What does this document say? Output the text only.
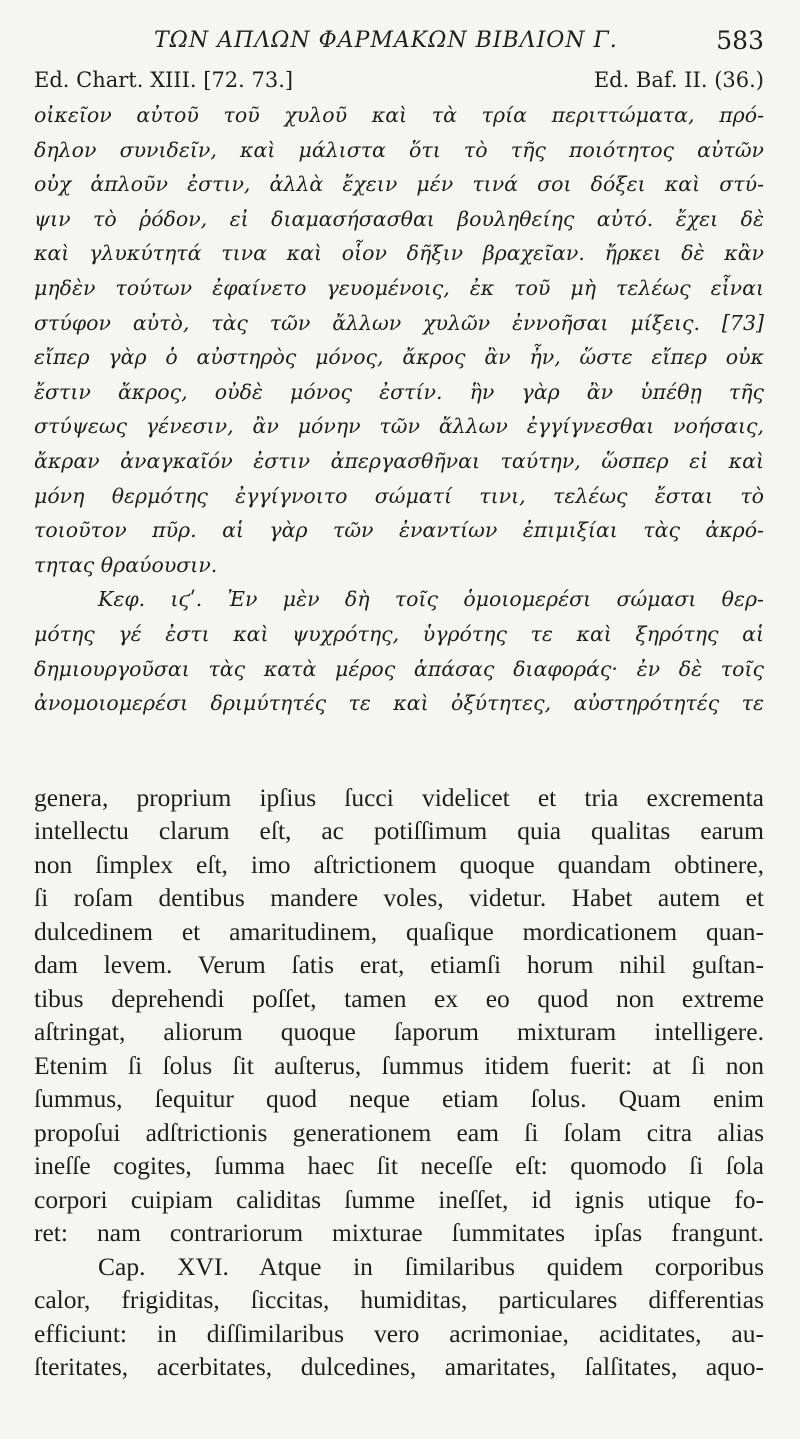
ΤΩΝ ΑΠΛΩΝ ΦΑΡΜΑΚΩΝ ΒΙΒΛΙΟΝ Γ.	583
Ed. Chart. XIII. [72. 73.]	Ed. Baf. II. (36.)
οἰκεῖον αὐτοῦ τοῦ χυλοῦ καὶ τὰ τρία περιττώματα, πρό-
δηλον συνιδεῖν, καὶ μάλιστα ὅτι τὸ τῆς ποιότητος αὐτῶν
οὐχ ἁπλοῦν ἐστιν, ἀλλὰ ἔχειν μέν τινά σοι δόξει καὶ στύ-
ψιν τὸ ῥόδον, εἰ διαμασήσασθαι βουληθείης αὐτό. ἔχει δὲ
καὶ γλυκύτητά τινα καὶ οἷον δῆξιν βραχεῖαν. ἤρκει δὲ κἂν
μηδὲν τούτων ἐφαίνετο γευομένοις, ἐκ τοῦ μὴ τελέως εἶναι
στύφον αὐτὸ, τὰς τῶν ἄλλων χυλῶν ἐννοῆσαι μίξεις. [73]
εἴπερ γὰρ ὁ αὐστηρὸς μόνος, ἄκρος ἂν ἦν, ὥστε εἴπερ οὐκ
ἔστιν ἄκρος, οὐδὲ μόνος ἐστίν. ἣν γὰρ ἂν ὑπέθῃ τῆς
στύψεως γένεσιν, ἂν μόνην τῶν ἄλλων ἐγγίγνεσθαι νοήσαις,
ἄκραν ἀναγκαῖόν ἐστιν ἀπεργασθῆναι ταύτην, ὥσπερ εἰ καὶ
μόνη θερμότης ἐγγίγνοιτο σώματί τινι, τελέως ἔσται τὸ
τοιοῦτον πῦρ. αἱ γὰρ τῶν ἐναντίων ἐπιμιξίαι τὰς ἀκρό-
τητας θραύουσιν.
Κεφ. ιϛʹ. Ἐν μὲν δὴ τοῖς ὁμοιομερέσι σώμασι θερ-
μότης γέ ἐστι καὶ ψυχρότης, ὑγρότης τε καὶ ξηρότης αἱ
δημιουργοῦσαι τὰς κατὰ μέρος ἁπάσας διαφοράς· ἐν δὲ τοῖς
ἀνομοιομερέσι δριμύτητές τε καὶ ὀξύτητες, αὐστηρότητές τε
genera, proprium ipſius ſucci videlicet et tria excrementa
intellectu clarum eſt, ac potiſſimum quia qualitas earum
non ſimplex eſt, imo aſtrictionem quoque quandam obtinere,
ſi roſam dentibus mandere voles, videtur. Habet autem et
dulcedinem et amaritudinem, quaſique mordicationem quan-
dam levem. Verum ſatis erat, etiamſi horum nihil guſtan-
tibus deprehendi poſſet, tamen ex eo quod non extreme
aſtringat, aliorum quoque ſaporum mixturam intelligere.
Etenim ſi ſolus ſit auſterus, ſummus itidem fuerit: at ſi non
ſummus, ſequitur quod neque etiam ſolus. Quam enim
propoſui adſtrictionis generationem eam ſi ſolam citra alias
ineſſe cogites, ſumma haec ſit neceſſe eſt: quomodo ſi ſola
corpori cuipiam caliditas ſumme ineſſet, id ignis utique fo-
ret: nam contrariorum mixturae ſummitates ipſas frangunt.
Cap. XVI. Atque in ſimilaribus quidem corporibus
calor, frigiditas, ſiccitas, humiditas, particulares differentias
efficiunt: in diſſimilaribus vero acrimoniae, aciditates, au-
ſteritates, acerbitates, dulcedines, amaritates, ſalſitates, aquo-
